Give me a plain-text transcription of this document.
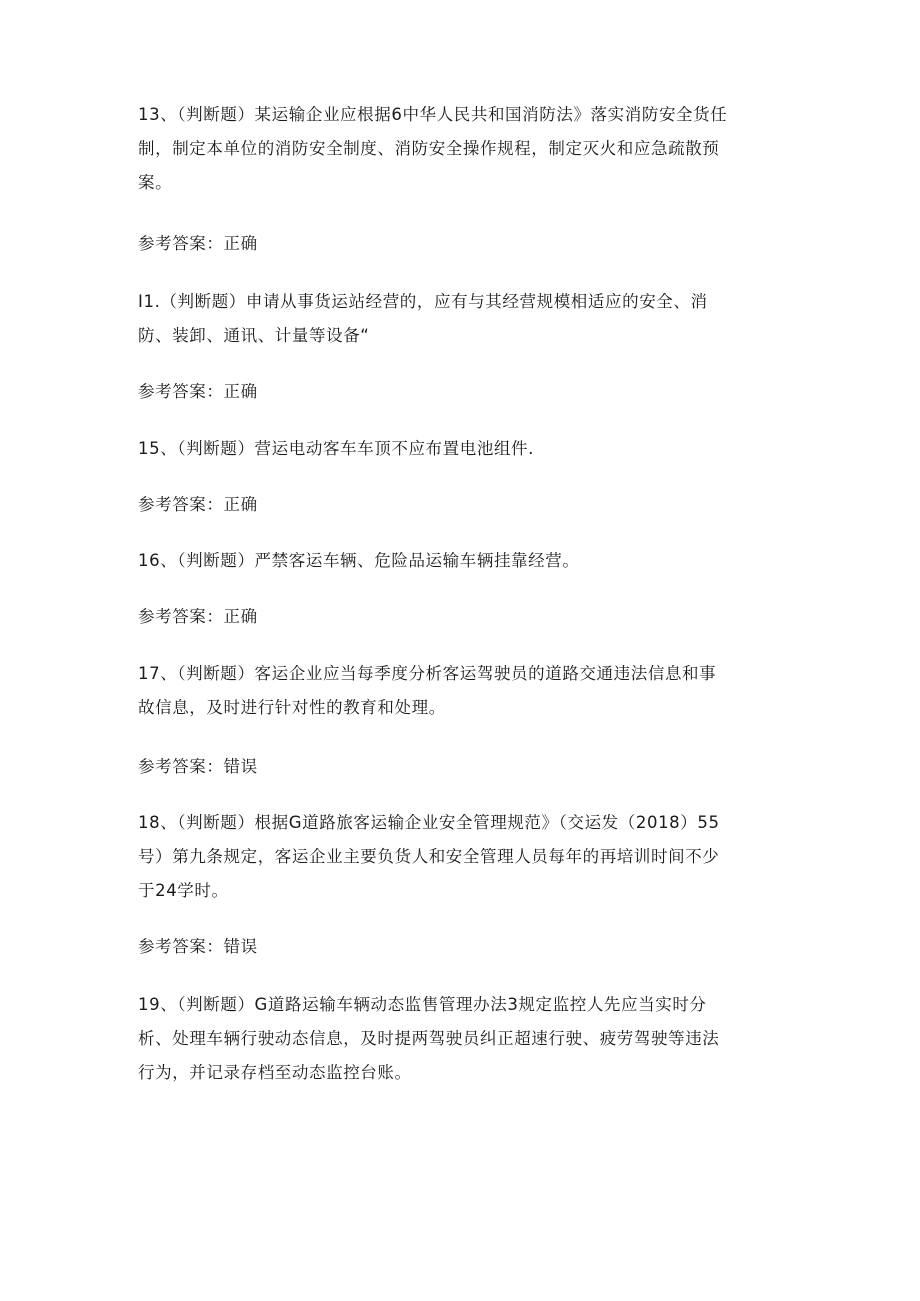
13、（判断题）某运输企业应根据6中华人民共和国消防法》落实消防安全货任
制，制定本单位的消防安全制度、消防安全操作规程，制定灭火和应急疏散预
案。
参考答案：正确
I1.（判断题）申请从事货运站经营的，应有与其经营规模相适应的安全、消
防、装卸、通讯、计量等设备“
参考答案：正确
15、（判断题）营运电动客车车顶不应布置电池组件.
参考答案：正确
16、（判断题）严禁客运车辆、危险品运输车辆挂靠经营。
参考答案：正确
17、（判断题）客运企业应当每季度分析客运驾驶员的道路交通违法信息和事
故信息，及时进行针对性的教育和处理。
参考答案：错误
18、（判断题）根据G道路旅客运输企业安全管理规范》（交运发（2018）55
号）第九条规定，客运企业主要负货人和安全管理人员每年的再培训时间不少
于24学时。
参考答案：错误
19、（判断题）G道路运输车辆动态监售管理办法3规定监控人先应当实时分
析、处理车辆行驶动态信息，及时提两驾驶员纠正超速行驶、疲劳驾驶等违法
行为，并记录存档至动态监控台账。
